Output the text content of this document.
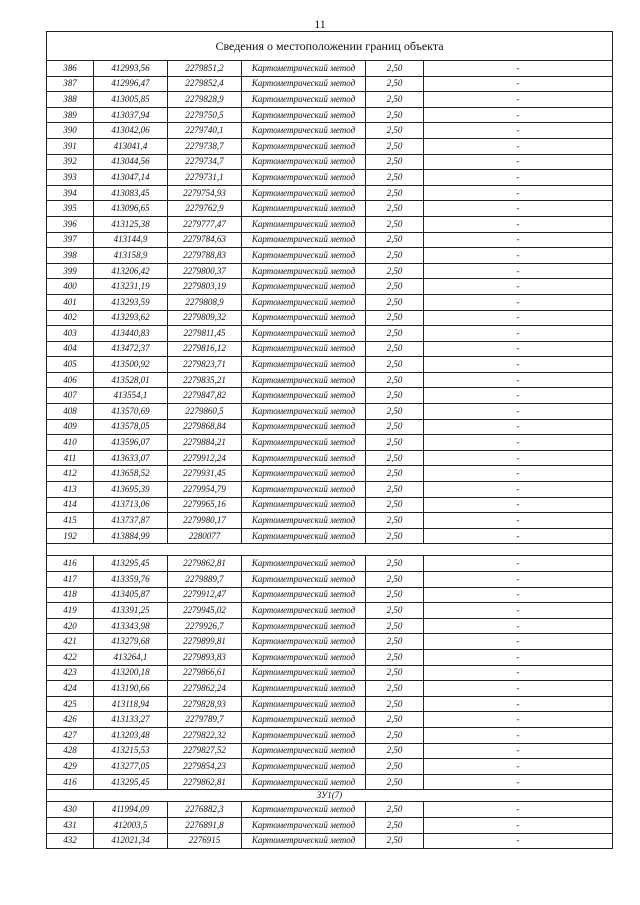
11
Сведения о местоположении границ объекта					
386	412993,56	2279851,2	Картометрический метод	2,50	-
387	412996,47	2279852,4	Картометрический метод	2,50	-
388	413005,85	2279828,9	Картометрический метод	2,50	-
389	413037,94	2279750,5	Картометрический метод	2,50	-
390	413042,06	2279740,1	Картометрический метод	2,50	-
391	413041,4	2279738,7	Картометрический метод	2,50	-
392	413044,56	2279734,7	Картометрический метод	2,50	-
393	413047,14	2279731,1	Картометрический метод	2,50	-
394	413083,45	2279754,93	Картометрический метод	2,50	-
395	413096,65	2279762,9	Картометрический метод	2,50	-
396	413125,38	2279777,47	Картометрический метод	2,50	-
397	413144,9	2279784,63	Картометрический метод	2,50	-
398	413158,9	2279788,83	Картометрический метод	2,50	-
399	413206,42	2279800,37	Картометрический метод	2,50	-
400	413231,19	2279803,19	Картометрический метод	2,50	-
401	413293,59	2279808,9	Картометрический метод	2,50	-
402	413293,62	2279809,32	Картометрический метод	2,50	-
403	413440,83	2279811,45	Картометрический метод	2,50	-
404	413472,37	2279816,12	Картометрический метод	2,50	-
405	413500,92	2279823,71	Картометрический метод	2,50	-
406	413528,01	2279835,21	Картометрический метод	2,50	-
407	413554,1	2279847,82	Картометрический метод	2,50	-
408	413570,69	2279860,5	Картометрический метод	2,50	-
409	413578,05	2279868,84	Картометрический метод	2,50	-
410	413596,07	2279884,21	Картометрический метод	2,50	-
411	413633,07	2279912,24	Картометрический метод	2,50	-
412	413658,52	2279931,45	Картометрический метод	2,50	-
413	413695,39	2279954,79	Картометрический метод	2,50	-
414	413713,06	2279965,16	Картометрический метод	2,50	-
415	413737,87	2279980,17	Картометрический метод	2,50	-
192	413884,99	2280077	Картометрический метод	2,50	-

416	413295,45	2279862,81	Картометрический метод	2,50	-
417	413359,76	2279889,7	Картометрический метод	2,50	-
418	413405,87	2279912,47	Картометрический метод	2,50	-
419	413391,25	2279945,02	Картометрический метод	2,50	-
420	413343,98	2279926,7	Картометрический метод	2,50	-
421	413279,68	2279899,81	Картометрический метод	2,50	-
422	413264,1	2279893,83	Картометрический метод	2,50	-
423	413200,18	2279866,61	Картометрический метод	2,50	-
424	413190,66	2279862,24	Картометрический метод	2,50	-
425	413118,94	2279828,93	Картометрический метод	2,50	-
426	413133,27	2279789,7	Картометрический метод	2,50	-
427	413203,48	2279822,32	Картометрический метод	2,50	-
428	413215,53	2279827,52	Картометрический метод	2,50	-
429	413277,05	2279854,23	Картометрический метод	2,50	-
416	413295,45	2279862,81	Картометрический метод	2,50	-
ЗУ1(7)					
430	411994,09	2276882,3	Картометрический метод	2,50	-
431	412003,5	2276891,8	Картометрический метод	2,50	-
432	412021,34	2276915	Картометрический метод	2,50	-
